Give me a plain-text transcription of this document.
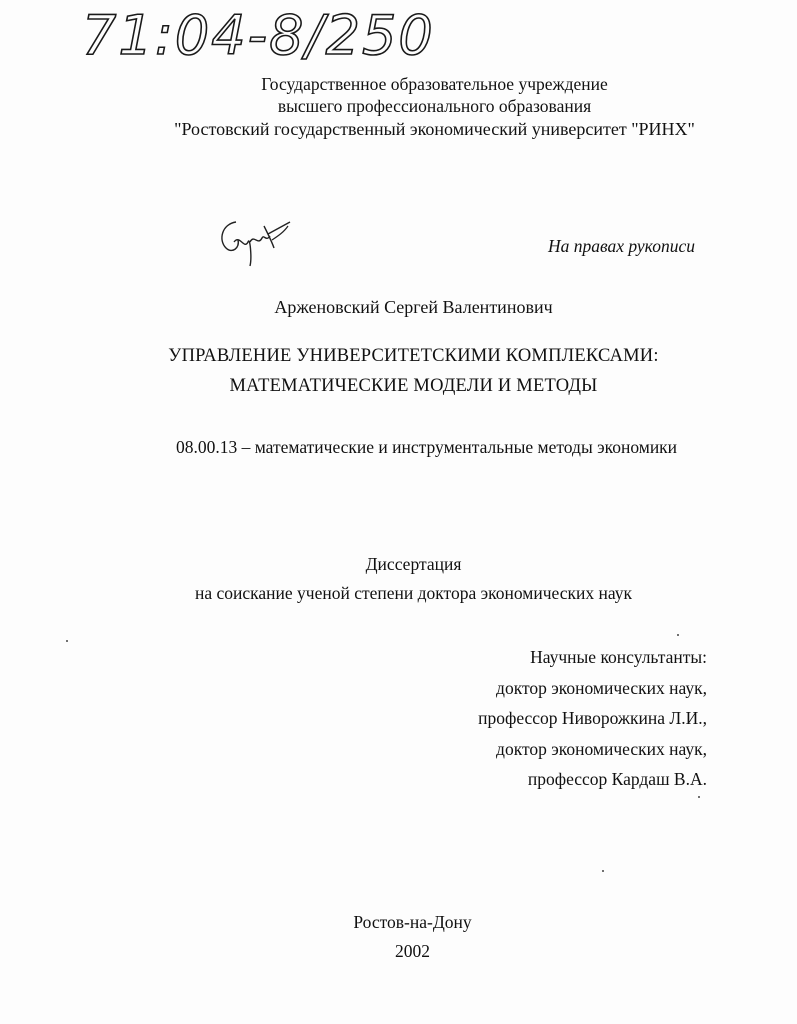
71:04-8/250
Государственное образовательное учреждение
высшего профессионального образования
"Ростовский государственный экономический университет "РИНХ"
На правах рукописи
Арженовский Сергей Валентинович
УПРАВЛЕНИЕ УНИВЕРСИТЕТСКИМИ КОМПЛЕКСАМИ:
МАТЕМАТИЧЕСКИЕ МОДЕЛИ И МЕТОДЫ
08.00.13 – математические и инструментальные методы экономики
Диссертация
на соискание ученой степени доктора экономических наук
Научные консультанты:
доктор экономических наук,
профессор Ниворожкина Л.И.,
доктор экономических наук,
профессор Кардаш В.А.
Ростов-на-Дону
2002
